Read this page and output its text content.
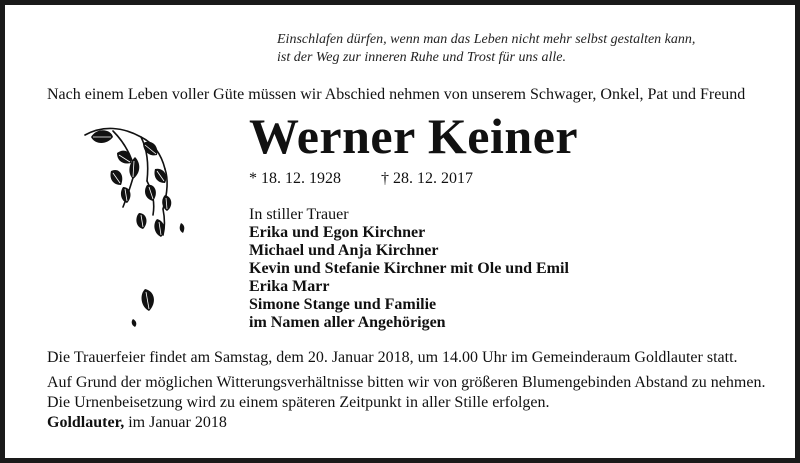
Einschlafen dürfen, wenn man das Leben nicht mehr selbst gestalten kann,
ist der Weg zur inneren Ruhe und Trost für uns alle.
Nach einem Leben voller Güte müssen wir Abschied nehmen von unserem Schwager, Onkel, Pat und Freund
Werner Keiner
* 18. 12. 1928	† 28. 12. 2017
In stiller Trauer
Erika und Egon Kirchner
Michael und Anja Kirchner
Kevin und Stefanie Kirchner mit Ole und Emil
Erika Marr
Simone Stange und Familie
im Namen aller Angehörigen
Die Trauerfeier findet am Samstag, dem 20. Januar 2018, um 14.00 Uhr im Gemeinderaum Goldlauter statt.
Auf Grund der möglichen Witterungsverhältnisse bitten wir von größeren Blumengebinden Abstand zu nehmen.
Die Urnenbeisetzung wird zu einem späteren Zeitpunkt in aller Stille erfolgen.
Goldlauter, im Januar 2018
